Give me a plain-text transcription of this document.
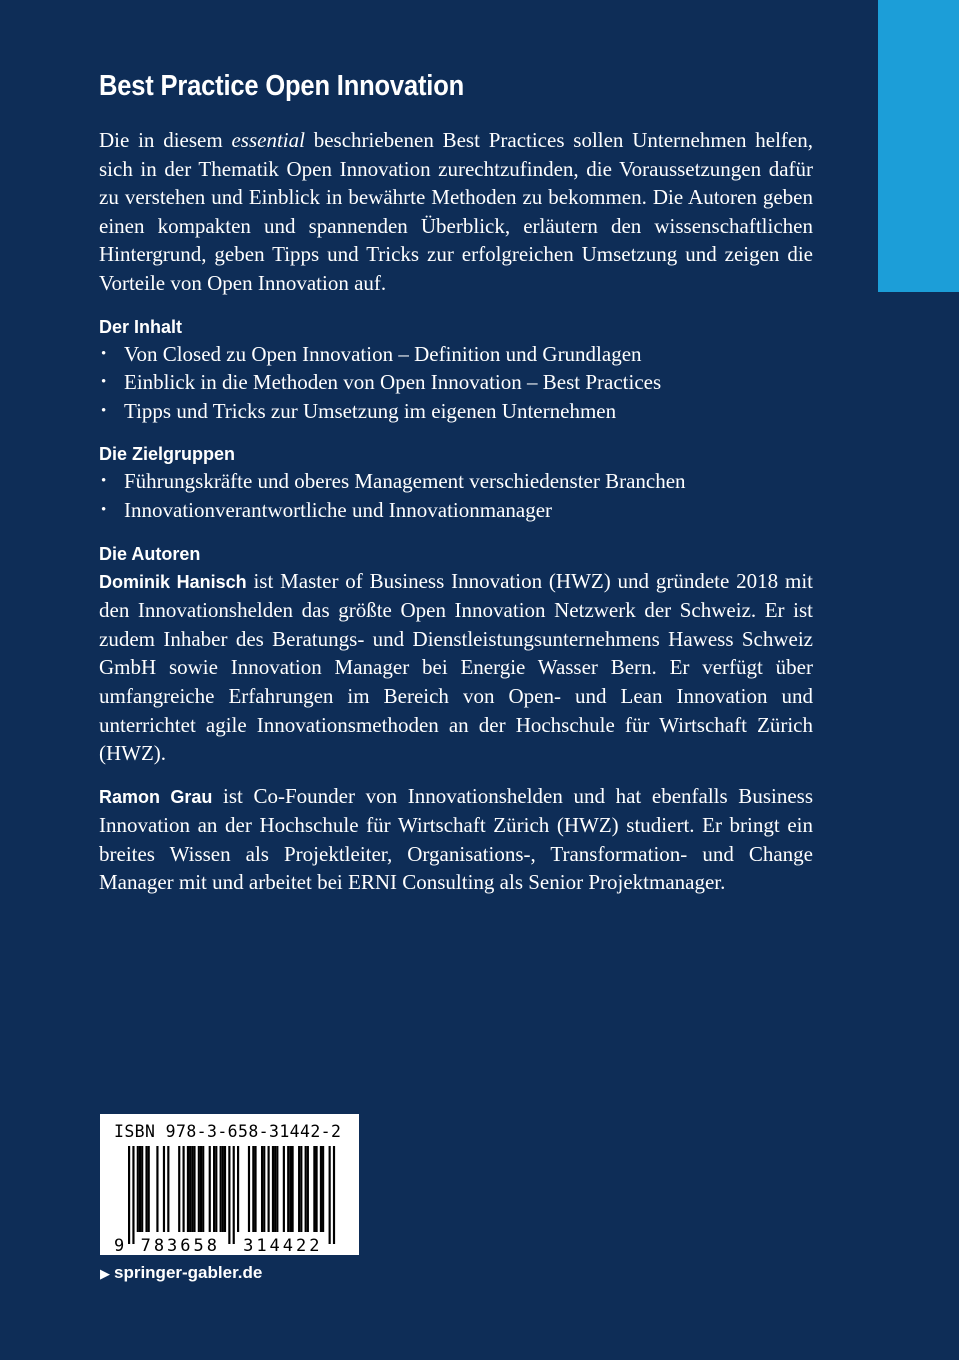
Best Practice Open Innovation

Die in diesem essential beschriebenen Best Practices sollen Unternehmen helfen, sich in der Thematik Open Innovation zurechtzufinden, die Voraussetzungen dafür zu verstehen und Einblick in bewährte Methoden zu bekommen. Die Autoren geben einen kompakten und spannenden Überblick, erläutern den wissenschaftlichen Hintergrund, geben Tipps und Tricks zur erfolgreichen Umsetzung und zeigen die Vorteile von Open Innovation auf.

Der Inhalt
• Von Closed zu Open Innovation – Definition und Grundlagen
• Einblick in die Methoden von Open Innovation – Best Practices
• Tipps und Tricks zur Umsetzung im eigenen Unternehmen
Die Zielgruppen
• Führungskräfte und oberes Management verschiedenster Branchen
• Innovationverantwortliche und Innovationmanager
Die Autoren

Dominik Hanisch ist Master of Business Innovation (HWZ) und gründete 2018 mit den Innovationshelden das größte Open Innovation Netzwerk der Schweiz. Er ist zudem Inhaber des Beratungs- und Dienstleistungsunternehmens Hawess Schweiz GmbH sowie Innovation Manager bei Energie Wasser Bern. Er verfügt über umfangreiche Erfahrungen im Bereich von Open- und Lean Innovation und unterrichtet agile Innovationsmethoden an der Hochschule für Wirtschaft Zürich (HWZ).

Ramon Grau ist Co-Founder von Innovationshelden und hat ebenfalls Business Innovation an der Hochschule für Wirtschaft Zürich (HWZ) studiert. Er bringt ein breites Wissen als Projektleiter, Organisations-, Transformation- und Change Manager mit und arbeitet bei ERNI Consulting als Senior Projektmanager.

ISBN 978-3-658-31442-2
9 783658 314422
▶ springer-gabler.de
